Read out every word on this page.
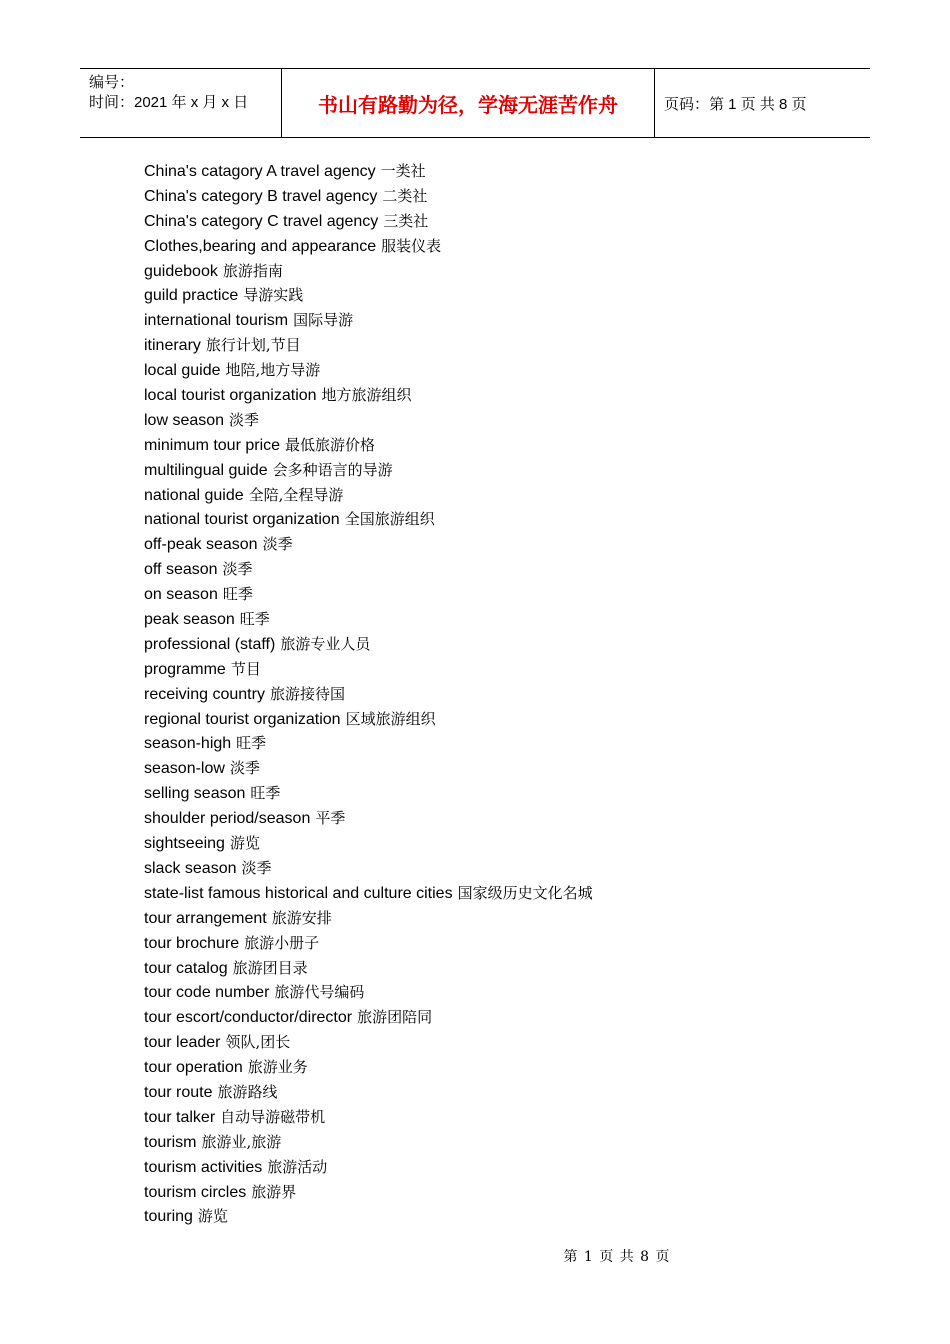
编号：
时间：2021 年 x 月 x 日	书山有路勤为径，学海无涯苦作舟	页码：第 1 页 共 8 页
China's catagory A travel agency 一类社
China's category B travel agency 二类社
China's category C travel agency 三类社
Clothes,bearing and appearance 服装仪表
guidebook 旅游指南
guild practice 导游实践
international tourism 国际导游
itinerary 旅行计划,节目
local guide 地陪,地方导游
local tourist organization 地方旅游组织
low season 淡季
minimum tour price 最低旅游价格
multilingual guide 会多种语言的导游
national guide 全陪,全程导游
national tourist organization 全国旅游组织
off-peak season 淡季
off season 淡季
on season 旺季
peak season 旺季
professional (staff) 旅游专业人员
programme 节目
receiving country 旅游接待国
regional tourist organization 区域旅游组织
season-high 旺季
season-low 淡季
selling season 旺季
shoulder period/season 平季
sightseeing 游览
slack season 淡季
state-list famous historical and culture cities 国家级历史文化名城
tour arrangement 旅游安排
tour brochure 旅游小册子
tour catalog 旅游团目录
tour code number 旅游代号编码
tour escort/conductor/director 旅游团陪同
tour leader 领队,团长
tour operation 旅游业务
tour route 旅游路线
tour talker 自动导游磁带机
tourism 旅游业,旅游
tourism activities 旅游活动
tourism circles 旅游界
touring 游览
第 1 页 共 8 页
